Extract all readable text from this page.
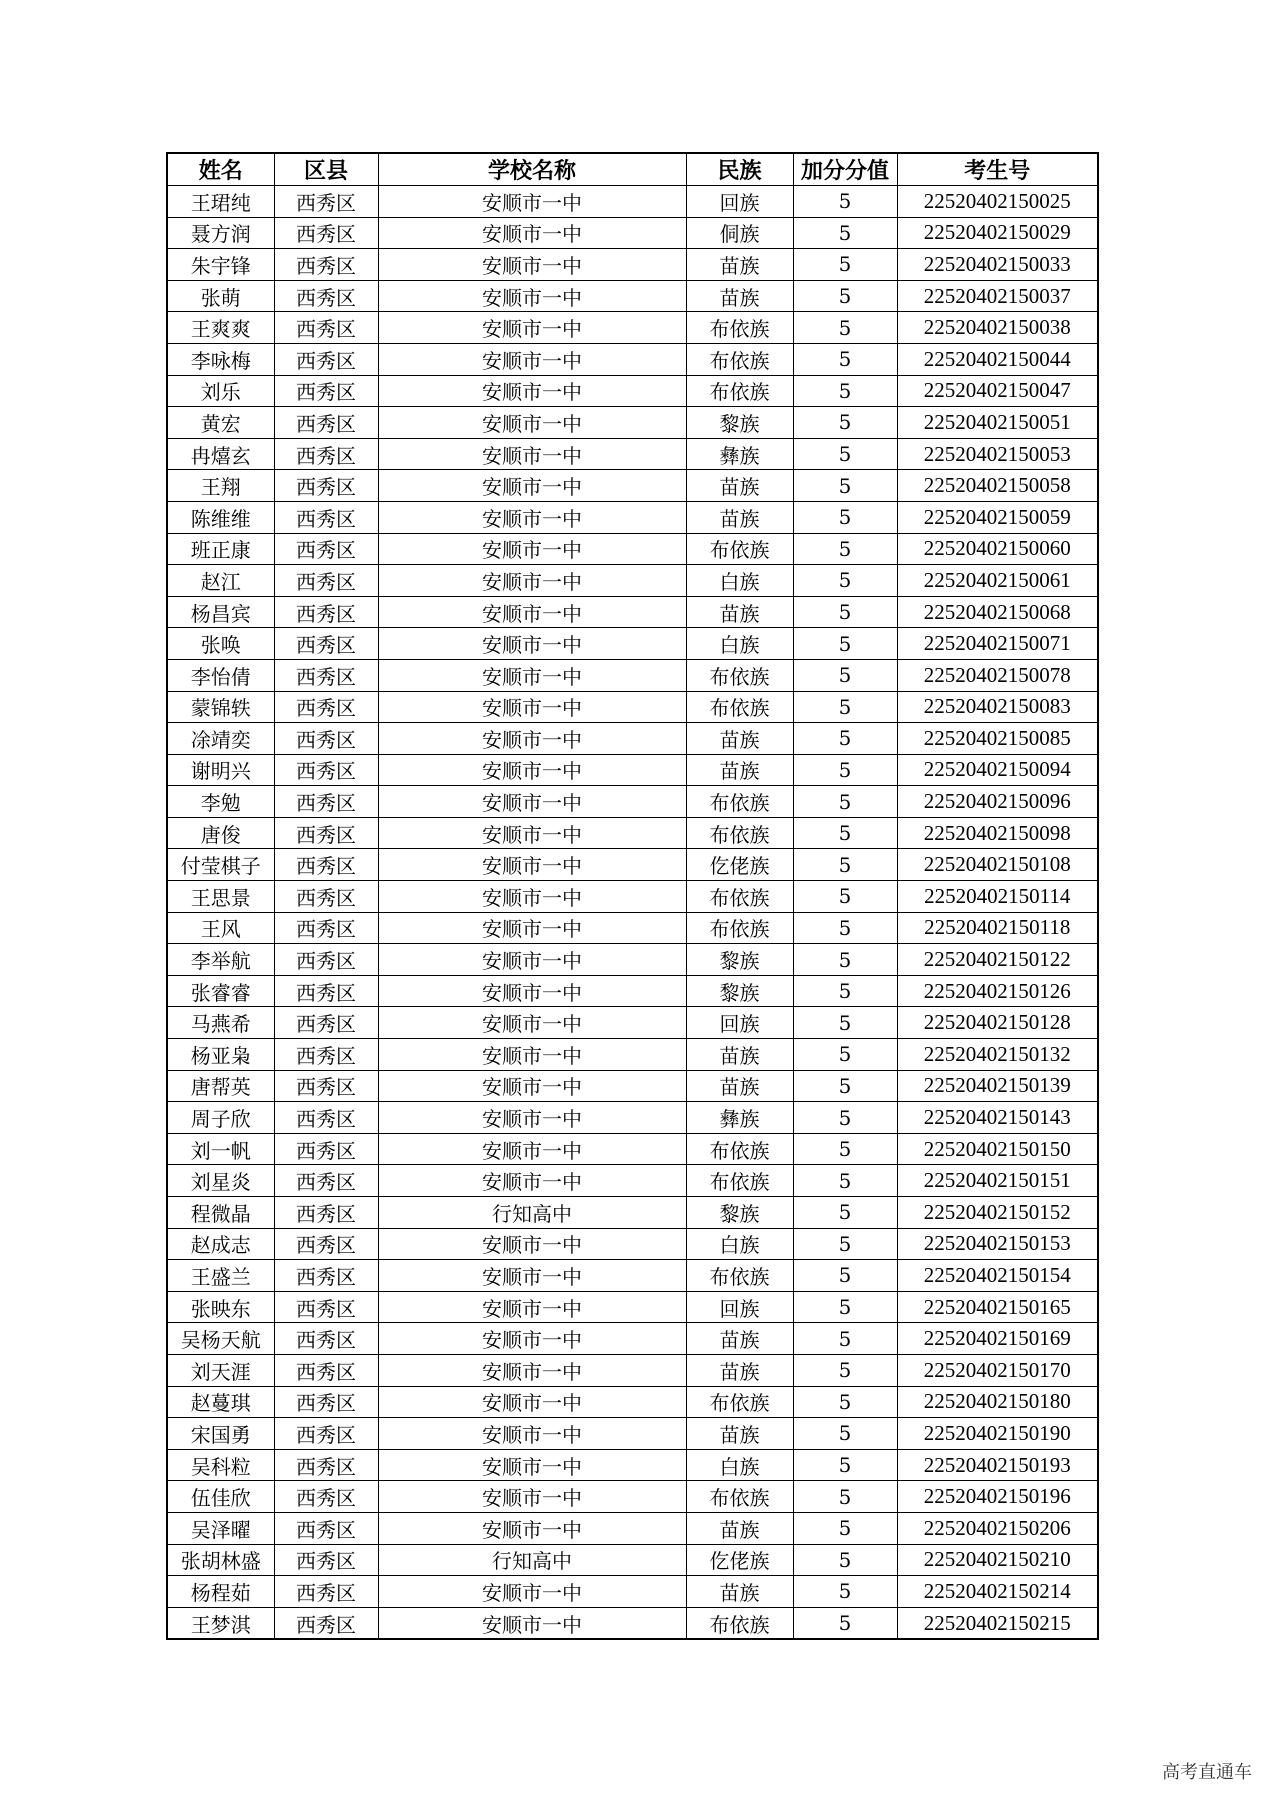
姓名	区县	学校名称	民族	加分分值	考生号
王珺纯	西秀区	安顺市一中	回族	5	22520402150025
聂方润	西秀区	安顺市一中	侗族	5	22520402150029
朱宇锋	西秀区	安顺市一中	苗族	5	22520402150033
张萌	西秀区	安顺市一中	苗族	5	22520402150037
王爽爽	西秀区	安顺市一中	布依族	5	22520402150038
李咏梅	西秀区	安顺市一中	布依族	5	22520402150044
刘乐	西秀区	安顺市一中	布依族	5	22520402150047
黄宏	西秀区	安顺市一中	黎族	5	22520402150051
冉熺玄	西秀区	安顺市一中	彝族	5	22520402150053
王翔	西秀区	安顺市一中	苗族	5	22520402150058
陈维维	西秀区	安顺市一中	苗族	5	22520402150059
班正康	西秀区	安顺市一中	布依族	5	22520402150060
赵江	西秀区	安顺市一中	白族	5	22520402150061
杨昌宾	西秀区	安顺市一中	苗族	5	22520402150068
张唤	西秀区	安顺市一中	白族	5	22520402150071
李怡倩	西秀区	安顺市一中	布依族	5	22520402150078
蒙锦轶	西秀区	安顺市一中	布依族	5	22520402150083
凃靖奕	西秀区	安顺市一中	苗族	5	22520402150085
谢明兴	西秀区	安顺市一中	苗族	5	22520402150094
李勉	西秀区	安顺市一中	布依族	5	22520402150096
唐俊	西秀区	安顺市一中	布依族	5	22520402150098
付莹棋子	西秀区	安顺市一中	仡佬族	5	22520402150108
王思景	西秀区	安顺市一中	布依族	5	22520402150114
王风	西秀区	安顺市一中	布依族	5	22520402150118
李举航	西秀区	安顺市一中	黎族	5	22520402150122
张睿睿	西秀区	安顺市一中	黎族	5	22520402150126
马燕希	西秀区	安顺市一中	回族	5	22520402150128
杨亚枭	西秀区	安顺市一中	苗族	5	22520402150132
唐帮英	西秀区	安顺市一中	苗族	5	22520402150139
周子欣	西秀区	安顺市一中	彝族	5	22520402150143
刘一帆	西秀区	安顺市一中	布依族	5	22520402150150
刘星炎	西秀区	安顺市一中	布依族	5	22520402150151
程微晶	西秀区	行知高中	黎族	5	22520402150152
赵成志	西秀区	安顺市一中	白族	5	22520402150153
王盛兰	西秀区	安顺市一中	布依族	5	22520402150154
张映东	西秀区	安顺市一中	回族	5	22520402150165
吴杨天航	西秀区	安顺市一中	苗族	5	22520402150169
刘天涯	西秀区	安顺市一中	苗族	5	22520402150170
赵蔓琪	西秀区	安顺市一中	布依族	5	22520402150180
宋国勇	西秀区	安顺市一中	苗族	5	22520402150190
吴科粒	西秀区	安顺市一中	白族	5	22520402150193
伍佳欣	西秀区	安顺市一中	布依族	5	22520402150196
吴泽曜	西秀区	安顺市一中	苗族	5	22520402150206
张胡林盛	西秀区	行知高中	仡佬族	5	22520402150210
杨程茹	西秀区	安顺市一中	苗族	5	22520402150214
王梦淇	西秀区	安顺市一中	布依族	5	22520402150215
高考直通车
